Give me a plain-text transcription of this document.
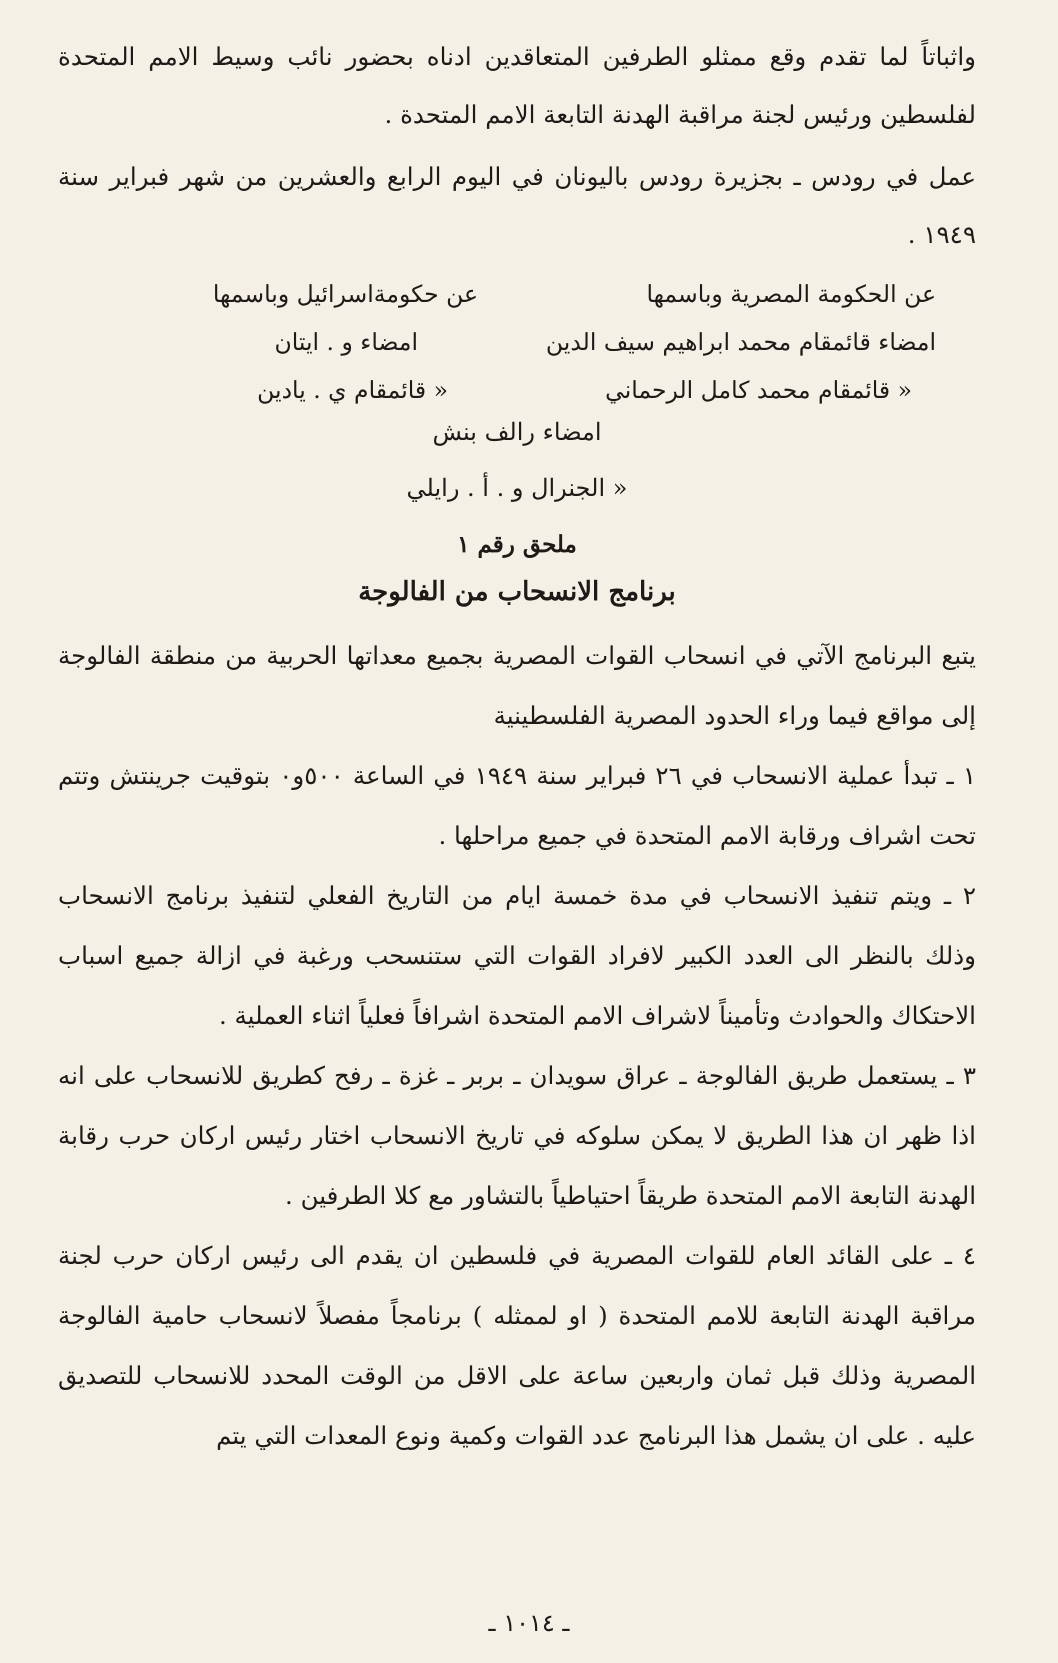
واثباتاً لما تقدم وقع ممثلو الطرفين المتعاقدين ادناه بحضور نائب وسيط الامم المتحدة لفلسطين ورئيس لجنة مراقبة الهدنة التابعة الامم المتحدة .

عمل في رودس ـ بجزيرة رودس باليونان في اليوم الرابع والعشرين من شهر فبراير سنة ١٩٤٩ .

عن الحكومة المصرية وباسمها
امضاء قائمقام محمد ابراهيم سيف الدين
« قائمقام محمد كامل الرحماني
عن حكومةاسرائيل وباسمها
امضاء و . ايتان
« قائمقام ي . يادين
امضاء رالف بنش
« الجنرال و . أ . رايلي
ملحق رقم ١
برنامج الانسحاب من الفالوجة

يتبع البرنامج الآتي في انسحاب القوات المصرية بجميع معداتها الحربية من منطقة الفالوجة إلى مواقع فيما وراء الحدود المصرية الفلسطينية

١ ـ تبدأ عملية الانسحاب في ٢٦ فبراير سنة ١٩٤٩ في الساعة ٥٠٠و٠ بتوقيت جرينتش وتتم تحت اشراف ورقابة الامم المتحدة في جميع مراحلها .

٢ ـ ويتم تنفيذ الانسحاب في مدة خمسة ايام من التاريخ الفعلي لتنفيذ برنامج الانسحاب وذلك بالنظر الى العدد الكبير لافراد القوات التي ستنسحب ورغبة في ازالة جميع اسباب الاحتكاك والحوادث وتأميناً لاشراف الامم المتحدة اشرافاً فعلياً اثناء العملية .

٣ ـ يستعمل طريق الفالوجة ـ عراق سويدان ـ بربر ـ غزة ـ رفح كطريق للانسحاب على انه اذا ظهر ان هذا الطريق لا يمكن سلوكه في تاريخ الانسحاب اختار رئيس اركان حرب رقابة الهدنة التابعة الامم المتحدة طريقاً احتياطياً بالتشاور مع كلا الطرفين .

٤ ـ على القائد العام للقوات المصرية في فلسطين ان يقدم الى رئيس اركان حرب لجنة مراقبة الهدنة التابعة للامم المتحدة ( او لممثله ) برنامجاً مفصلاً لانسحاب حامية الفالوجة المصرية وذلك قبل ثمان واربعين ساعة على الاقل من الوقت المحدد للانسحاب للتصديق عليه . على ان يشمل هذا البرنامج عدد القوات وكمية ونوع المعدات التي يتم

ـ ١٠١٤ ـ
